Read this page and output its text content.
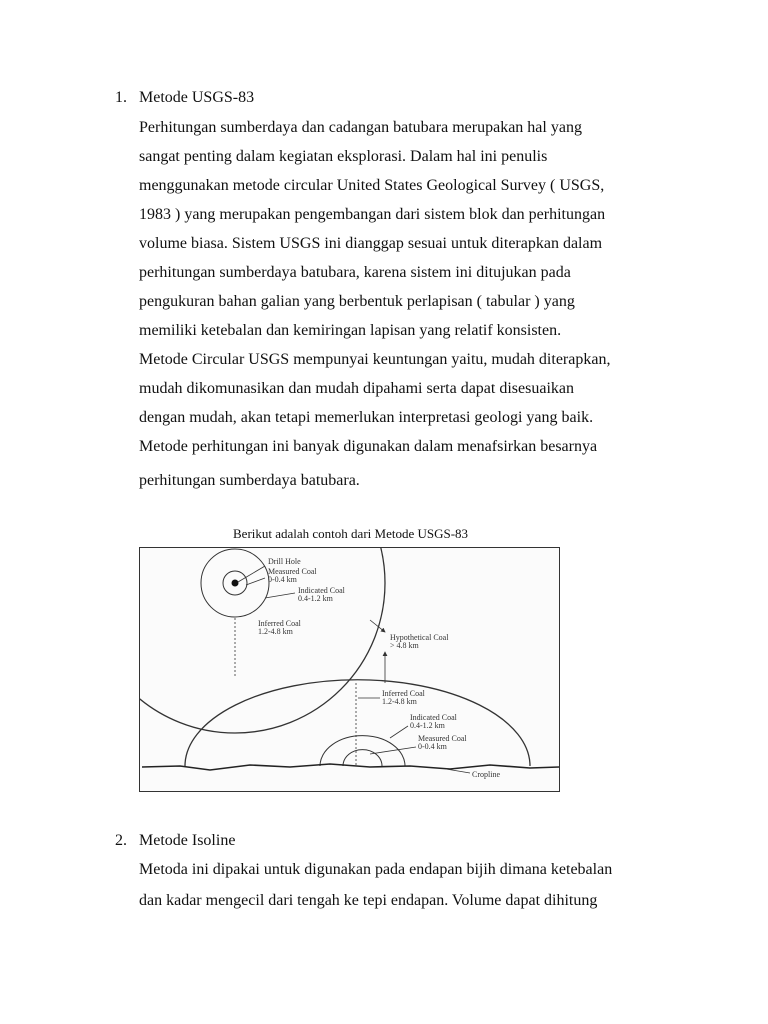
1. Metode USGS-83
Perhitungan sumberdaya dan cadangan batubara merupakan hal yang
sangat penting dalam kegiatan eksplorasi. Dalam hal ini penulis
menggunakan metode circular United States Geological Survey ( USGS,
1983 ) yang merupakan pengembangan dari sistem blok dan perhitungan
volume biasa. Sistem USGS ini dianggap sesuai untuk diterapkan dalam
perhitungan sumberdaya batubara, karena sistem ini ditujukan pada
pengukuran bahan galian yang berbentuk perlapisan ( tabular ) yang
memiliki ketebalan dan kemiringan lapisan yang relatif konsisten.
Metode Circular USGS mempunyai keuntungan yaitu, mudah diterapkan,
mudah dikomunasikan dan mudah dipahami serta dapat disesuaikan
dengan mudah, akan tetapi memerlukan interpretasi geologi yang baik.
Metode perhitungan ini banyak digunakan dalam menafsirkan besarnya
perhitungan sumberdaya batubara.
Berikut adalah contoh dari Metode USGS-83
Drill Hole
Measured Coal
0-0.4 km
Indicated Coal
0.4-1.2 km
Inferred Coal
1.2-4.8 km
Hypothetical Coal
> 4.8 km
Inferred Coal
1.2-4.8 km
Indicated Coal
0.4-1.2 km
Measured Coal
0-0.4 km
Cropline
2. Metode Isoline
Metoda ini dipakai untuk digunakan pada endapan bijih dimana ketebalan
dan kadar mengecil dari tengah ke tepi endapan. Volume dapat dihitung
